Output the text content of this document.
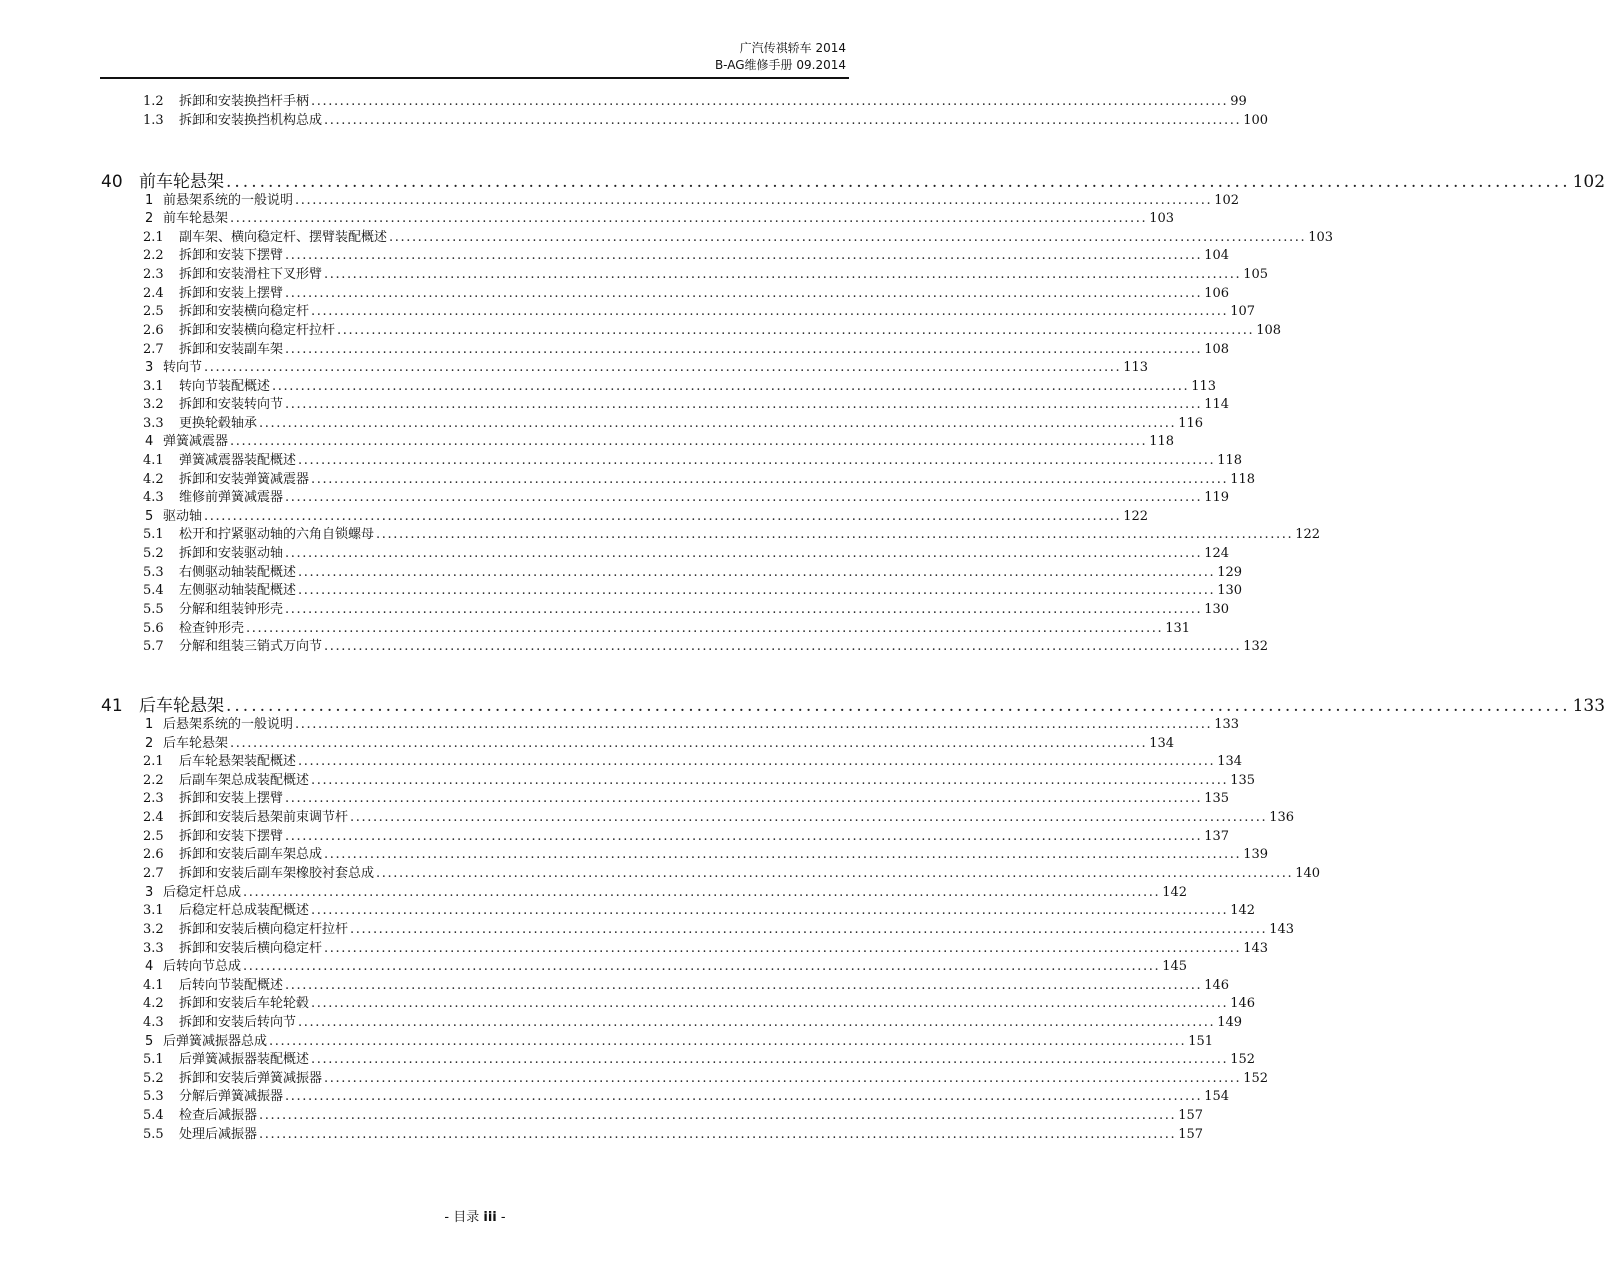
广汽传祺轿车 2014
B-AG维修手册 09.2014
1.2 拆卸和安装换挡杆手柄 ................................................................................................................................................................ 99
1.3 拆卸和安装换挡机构总成 ................................................................................................................................................................ 100
40 前车轮悬架 ................................................................................................................................................................ 102
1 前悬架系统的一般说明 ................................................................................................................................................................ 102
2 前车轮悬架 ................................................................................................................................................................ 103
2.1 副车架、横向稳定杆、摆臂装配概述 ................................................................................................................................................................ 103
2.2 拆卸和安装下摆臂 ................................................................................................................................................................ 104
2.3 拆卸和安装滑柱下叉形臂 ................................................................................................................................................................ 105
2.4 拆卸和安装上摆臂 ................................................................................................................................................................ 106
2.5 拆卸和安装横向稳定杆 ................................................................................................................................................................ 107
2.6 拆卸和安装横向稳定杆拉杆 ................................................................................................................................................................ 108
2.7 拆卸和安装副车架 ................................................................................................................................................................ 108
3 转向节 ................................................................................................................................................................ 113
3.1 转向节装配概述 ................................................................................................................................................................ 113
3.2 拆卸和安装转向节 ................................................................................................................................................................ 114
3.3 更换轮毂轴承 ................................................................................................................................................................ 116
4 弹簧减震器 ................................................................................................................................................................ 118
4.1 弹簧减震器装配概述 ................................................................................................................................................................ 118
4.2 拆卸和安装弹簧减震器 ................................................................................................................................................................ 118
4.3 维修前弹簧减震器 ................................................................................................................................................................ 119
5 驱动轴 ................................................................................................................................................................ 122
5.1 松开和拧紧驱动轴的六角自锁螺母 ................................................................................................................................................................ 122
5.2 拆卸和安装驱动轴 ................................................................................................................................................................ 124
5.3 右侧驱动轴装配概述 ................................................................................................................................................................ 129
5.4 左侧驱动轴装配概述 ................................................................................................................................................................ 130
5.5 分解和组装钟形壳 ................................................................................................................................................................ 130
5.6 检查钟形壳 ................................................................................................................................................................ 131
5.7 分解和组装三销式万向节 ................................................................................................................................................................ 132
41 后车轮悬架 ................................................................................................................................................................ 133
1 后悬架系统的一般说明 ................................................................................................................................................................ 133
2 后车轮悬架 ................................................................................................................................................................ 134
2.1 后车轮悬架装配概述 ................................................................................................................................................................ 134
2.2 后副车架总成装配概述 ................................................................................................................................................................ 135
2.3 拆卸和安装上摆臂 ................................................................................................................................................................ 135
2.4 拆卸和安装后悬架前束调节杆 ................................................................................................................................................................ 136
2.5 拆卸和安装下摆臂 ................................................................................................................................................................ 137
2.6 拆卸和安装后副车架总成 ................................................................................................................................................................ 139
2.7 拆卸和安装后副车架橡胶衬套总成 ................................................................................................................................................................ 140
3 后稳定杆总成 ................................................................................................................................................................ 142
3.1 后稳定杆总成装配概述 ................................................................................................................................................................ 142
3.2 拆卸和安装后横向稳定杆拉杆 ................................................................................................................................................................ 143
3.3 拆卸和安装后横向稳定杆 ................................................................................................................................................................ 143
4 后转向节总成 ................................................................................................................................................................ 145
4.1 后转向节装配概述 ................................................................................................................................................................ 146
4.2 拆卸和安装后车轮轮毂 ................................................................................................................................................................ 146
4.3 拆卸和安装后转向节 ................................................................................................................................................................ 149
5 后弹簧减振器总成 ................................................................................................................................................................ 151
5.1 后弹簧减振器装配概述 ................................................................................................................................................................ 152
5.2 拆卸和安装后弹簧减振器 ................................................................................................................................................................ 152
5.3 分解后弹簧减振器 ................................................................................................................................................................ 154
5.4 检查后减振器 ................................................................................................................................................................ 157
5.5 处理后减振器 ................................................................................................................................................................ 157
- 目录 iii -
